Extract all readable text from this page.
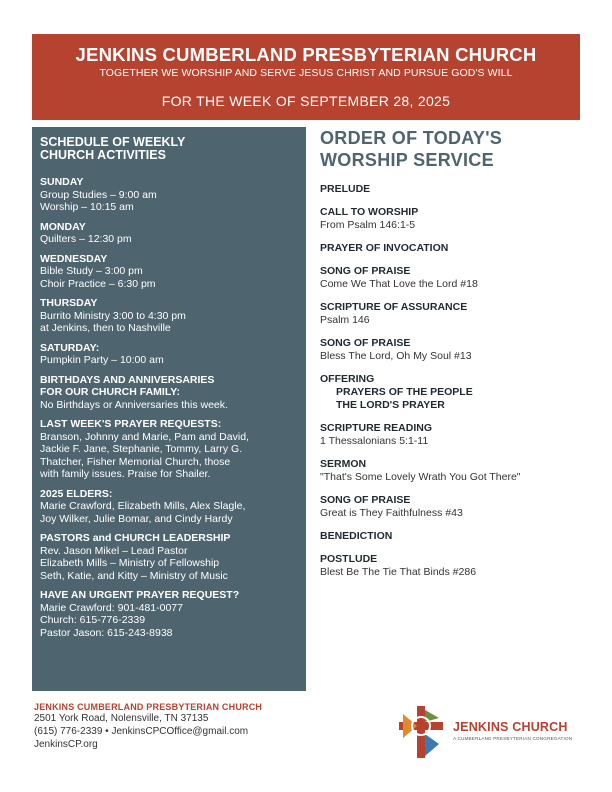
JENKINS CUMBERLAND PRESBYTERIAN CHURCH
TOGETHER WE WORSHIP AND SERVE JESUS CHRIST AND PURSUE GOD'S WILL
FOR THE WEEK OF SEPTEMBER 28, 2025
SCHEDULE OF WEEKLY CHURCH ACTIVITIES
SUNDAY
Group Studies – 9:00 am
Worship – 10:15 am
MONDAY
Quilters – 12:30 pm
WEDNESDAY
Bible Study – 3:00 pm
Choir Practice – 6:30 pm
THURSDAY
Burrito Ministry 3:00 to 4:30 pm
at Jenkins, then to Nashville
SATURDAY:
Pumpkin Party – 10:00 am
BIRTHDAYS AND ANNIVERSARIES
FOR OUR CHURCH FAMILY:
No Birthdays or Anniversaries this week.
LAST WEEK'S PRAYER REQUESTS:
Branson, Johnny and Marie, Pam and David,
Jackie F. Jane, Stephanie, Tommy, Larry G.
Thatcher, Fisher Memorial Church, those
with family issues. Praise for Shailer.
2025 ELDERS:
Marie Crawford, Elizabeth Mills, Alex Slagle,
Joy Wilker, Julie Bomar, and Cindy Hardy
PASTORS and CHURCH LEADERSHIP
Rev. Jason Mikel – Lead Pastor
Elizabeth Mills – Ministry of Fellowship
Seth, Katie, and Kitty – Ministry of Music
HAVE AN URGENT PRAYER REQUEST?
Marie Crawford: 901-481-0077
Church: 615-776-2339
Pastor Jason: 615-243-8938
ORDER OF TODAY'S
WORSHIP SERVICE
PRELUDE
CALL TO WORSHIP
From Psalm 146:1-5
PRAYER OF INVOCATION
SONG OF PRAISE
Come We That Love the Lord #18
SCRIPTURE OF ASSURANCE
Psalm 146
SONG OF PRAISE
Bless The Lord, Oh My Soul #13
OFFERING
PRAYERS OF THE PEOPLE
THE LORD'S PRAYER
SCRIPTURE READING
1 Thessalonians 5:1-11
SERMON
"That's Some Lovely Wrath You Got There"
SONG OF PRAISE
Great is They Faithfulness #43
BENEDICTION
POSTLUDE
Blest Be The Tie That Binds #286
JENKINS CUMBERLAND PRESBYTERIAN CHURCH
2501 York Road, Nolensville, TN 37135
(615) 776-2339 • JenkinsCPCOffice@gmail.com
JenkinsCP.org
JENKINS CHURCH
A CUMBERLAND PRESBYTERIAN CONGREGATION
